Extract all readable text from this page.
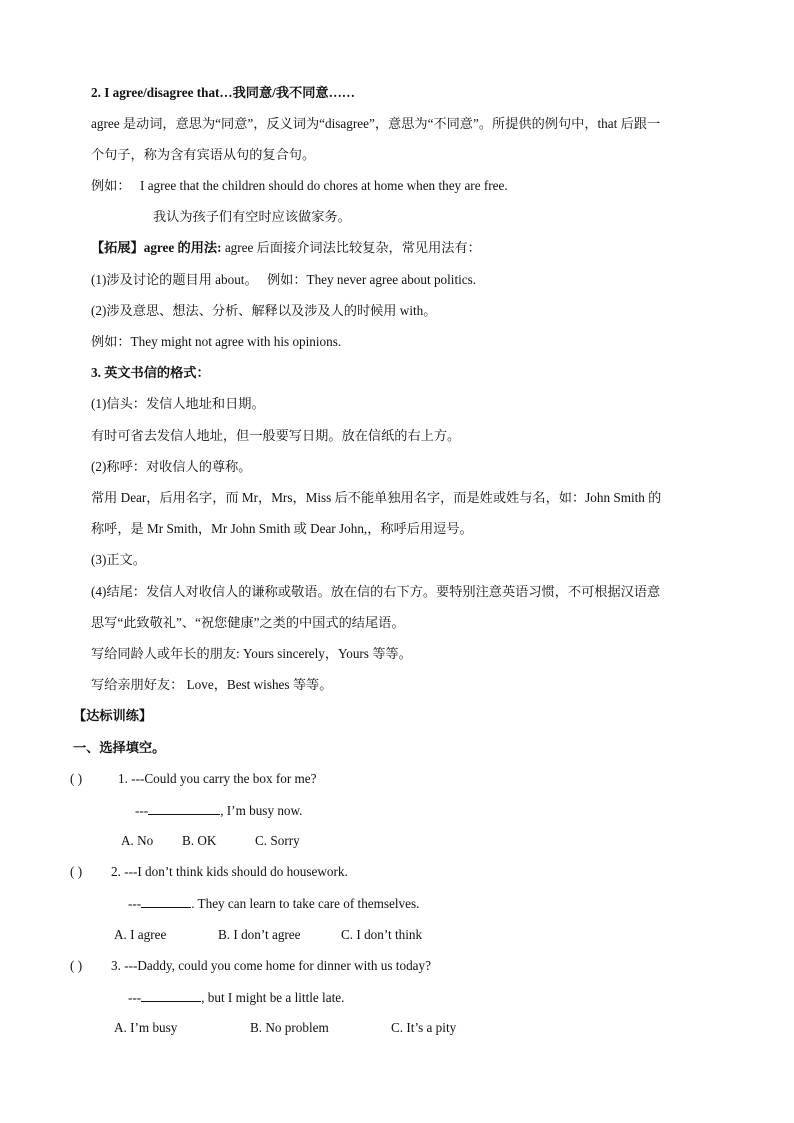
2. I agree/disagree that…我同意/我不同意……
agree 是动词，意思为“同意”，反义词为“disagree”，意思为“不同意”。所提供的例句中，that 后跟一
个句子，称为含有宾语从句的复合句。
例如： I agree that the children should do chores at home when they are free.
我认为孩子们有空时应该做家务。
【拓展】agree 的用法: agree 后面接介词法比较复杂，常见用法有：
(1)涉及讨论的题目用 about。 例如：They never agree about politics.
(2)涉及意思、想法、分析、解释以及涉及人的时候用 with。
例如：They might not agree with his opinions.
3. 英文书信的格式：
(1)信头：发信人地址和日期。
有时可省去发信人地址，但一般要写日期。放在信纸的右上方。
(2)称呼：对收信人的尊称。
常用 Dear，后用名字，而 Mr，Mrs，Miss 后不能单独用名字，而是姓或姓与名，如：John Smith 的
称呼，是 Mr Smith，Mr John Smith 或 Dear John,，称呼后用逗号。
(3)正文。
(4)结尾：发信人对收信人的谦称或敬语。放在信的右下方。要特别注意英语习惯，不可根据汉语意
思写“此致敬礼”、“祝您健康”之类的中国式的结尾语。
写给同龄人或年长的朋友: Yours sincerely，Yours 等等。
写给亲朋好友： Love，Best wishes 等等。
【达标训练】
一、选择填空。
( )	1. ---Could you carry the box for me?
---	, I’m busy now.
A. No B. OK	C. Sorry
( ) 2. ---I don’t think kids should do housework.
---	. They can learn to take care of themselves.
A. I agree	B. I don’t agree	C. I don’t think
( ) 3. ---Daddy, could you come home for dinner with us today?
---	, but I might be a little late.
A. I’m busy	B. No problem	C. It’s a pity
